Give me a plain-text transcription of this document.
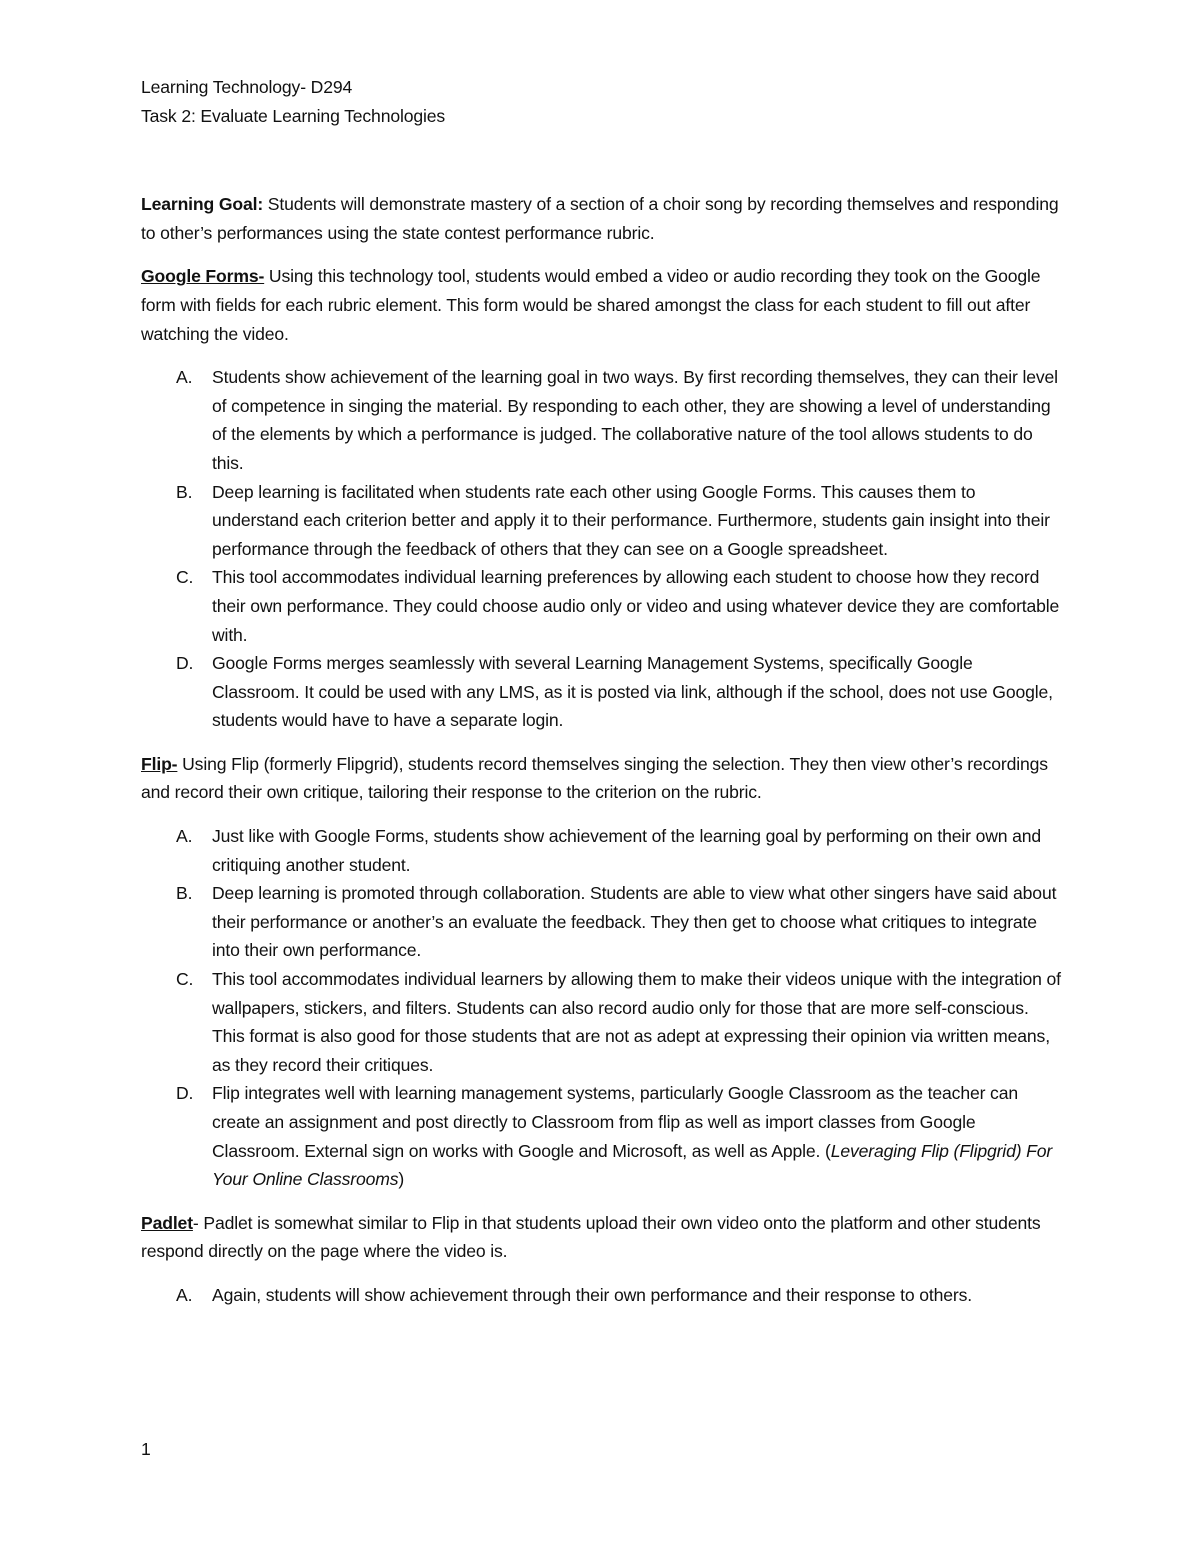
Learning Technology- D294

Task 2: Evaluate Learning Technologies

Learning Goal: Students will demonstrate mastery of a section of a choir song by recording themselves and responding to other’s performances using the state contest performance rubric.

Google Forms- Using this technology tool, students would embed a video or audio recording they took on the Google form with fields for each rubric element. This form would be shared amongst the class for each student to fill out after watching the video.

A. Students show achievement of the learning goal in two ways. By first recording themselves, they can their level of competence in singing the material. By responding to each other, they are showing a level of understanding of the elements by which a performance is judged. The collaborative nature of the tool allows students to do this.
B. Deep learning is facilitated when students rate each other using Google Forms. This causes them to understand each criterion better and apply it to their performance. Furthermore, students gain insight into their performance through the feedback of others that they can see on a Google spreadsheet.
C. This tool accommodates individual learning preferences by allowing each student to choose how they record their own performance. They could choose audio only or video and using whatever device they are comfortable with.
D. Google Forms merges seamlessly with several Learning Management Systems, specifically Google Classroom. It could be used with any LMS, as it is posted via link, although if the school, does not use Google, students would have to have a separate login.

Flip- Using Flip (formerly Flipgrid), students record themselves singing the selection. They then view other’s recordings and record their own critique, tailoring their response to the criterion on the rubric.

A. Just like with Google Forms, students show achievement of the learning goal by performing on their own and critiquing another student.
B. Deep learning is promoted through collaboration. Students are able to view what other singers have said about their performance or another’s an evaluate the feedback. They then get to choose what critiques to integrate into their own performance.
C. This tool accommodates individual learners by allowing them to make their videos unique with the integration of wallpapers, stickers, and filters. Students can also record audio only for those that are more self-conscious. This format is also good for those students that are not as adept at expressing their opinion via written means, as they record their critiques.
D. Flip integrates well with learning management systems, particularly Google Classroom as the teacher can create an assignment and post directly to Classroom from flip as well as import classes from Google Classroom. External sign on works with Google and Microsoft, as well as Apple. (Leveraging Flip (Flipgrid) For Your Online Classrooms)

Padlet- Padlet is somewhat similar to Flip in that students upload their own video onto the platform and other students respond directly on the page where the video is.

A. Again, students will show achievement through their own performance and their response to others.
1
